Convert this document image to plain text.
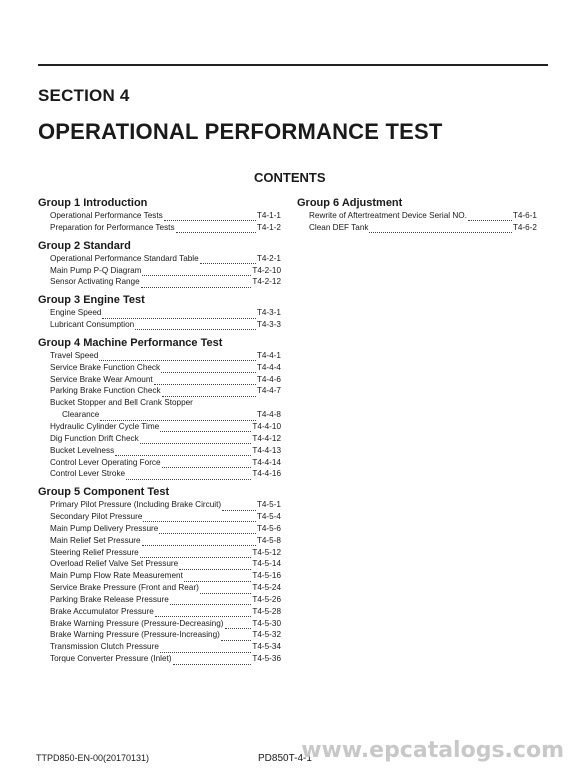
SECTION 4
OPERATIONAL PERFORMANCE TEST
CONTENTS
Group 1 Introduction
Operational Performance Tests	T4-1-1
Preparation for Performance Tests	T4-1-2
Group 2 Standard
Operational Performance Standard Table	T4-2-1
Main Pump P-Q Diagram	T4-2-10
Sensor Activating Range	T4-2-12
Group 3 Engine Test
Engine Speed	T4-3-1
Lubricant Consumption	T4-3-3
Group 4 Machine Performance Test
Travel Speed	T4-4-1
Service Brake Function Check	T4-4-4
Service Brake Wear Amount	T4-4-6
Parking Brake Function Check	T4-4-7
Bucket Stopper and Bell Crank Stopper
Clearance	T4-4-8
Hydraulic Cylinder Cycle Time	T4-4-10
Dig Function Drift Check	T4-4-12
Bucket Levelness	T4-4-13
Control Lever Operating Force	T4-4-14
Control Lever Stroke	T4-4-16
Group 5 Component Test
Primary Pilot Pressure (Including Brake Circuit)	T4-5-1
Secondary Pilot Pressure	T4-5-4
Main Pump Delivery Pressure	T4-5-6
Main Relief Set Pressure	T4-5-8
Steering Relief Pressure	T4-5-12
Overload Relief Valve Set Pressure	T4-5-14
Main Pump Flow Rate Measurement	T4-5-16
Service Brake Pressure (Front and Rear)	T4-5-24
Parking Brake Release Pressure	T4-5-26
Brake Accumulator Pressure	T4-5-28
Brake Warning Pressure (Pressure-Decreasing)	T4-5-30
Brake Warning Pressure (Pressure-Increasing)	T4-5-32
Transmission Clutch Pressure	T4-5-34
Torque Converter Pressure (Inlet)	T4-5-36
Group 6 Adjustment
Rewrite of Aftertreatment Device Serial NO.	T4-6-1
Clean DEF Tank	T4-6-2
TTPD850-EN-00(20170131)	PD850T-4-1
www.epcatalogs.com
